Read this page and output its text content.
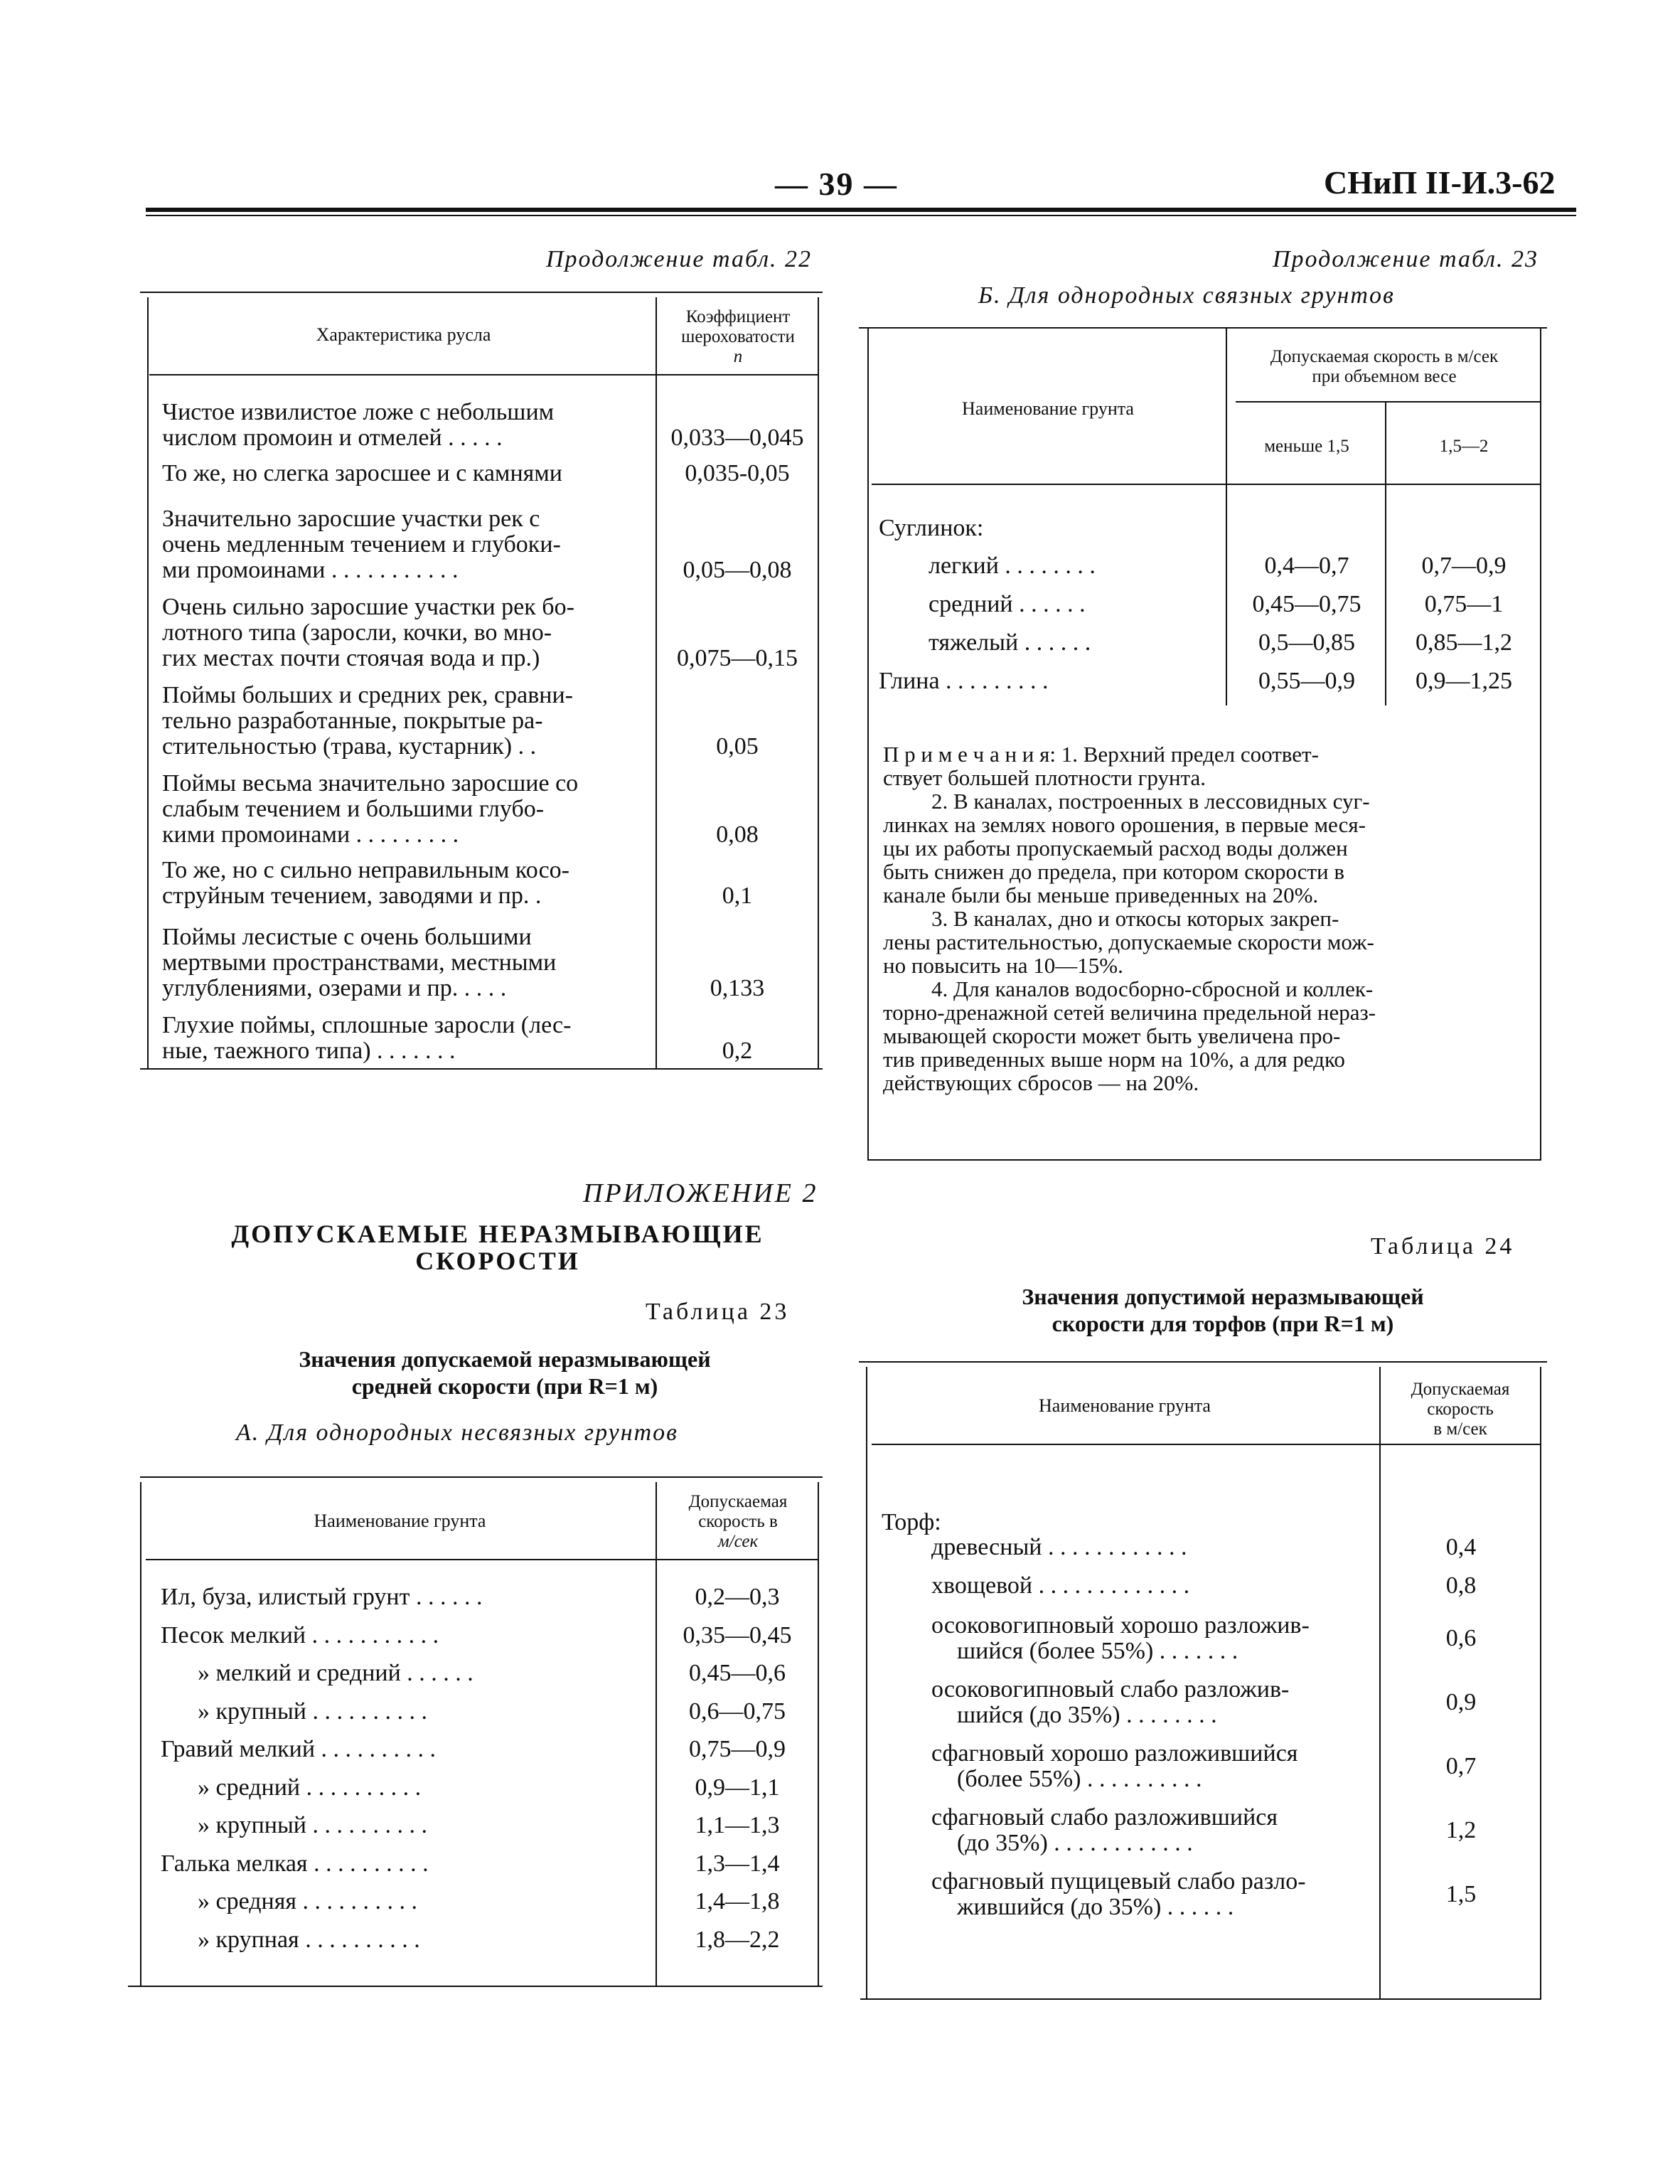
— 39 —	СНиП II-И.3-62
Продолжение табл. 22
Характеристика русла
Коэффициент
шероховатости
n
Чистое извилистое ложе с небольшим
числом промоин и отмелей . . . . .	0,033—0,045
То же, но слегка заросшее и с камнями	0,035-0,05
Значительно заросшие участки рек с
очень медленным течением и глубоки-
ми промоинами . . . . . . . . . . .	0,05—0,08
Очень сильно заросшие участки рек бо-
лотного типа (заросли, кочки, во мно-
гих местах почти стоячая вода и пр.)	0,075—0,15
Поймы больших и средних рек, сравни-
тельно разработанные, покрытые ра-
стительностью (трава, кустарник) . .	0,05
Поймы весьма значительно заросшие со
слабым течением и большими глубо-
кими промоинами . . . . . . . . .	0,08
То же, но с сильно неправильным косо-
струйным течением, заводями и пр. .	0,1
Поймы лесистые с очень большими
мертвыми пространствами, местными
углублениями, озерами и пр. . . . .	0,133
Глухие поймы, сплошные заросли (лес-
ные, таежного типа) . . . . . . .	0,2
Продолжение табл. 23
Б. Для однородных связных грунтов
Наименование грунта
Допускаемая скорость в м/сек
при объемном весе
меньше 1,5	1,5—2
Суглинок:
легкий . . . . . . . .	0,4—0,7	0,7—0,9
средний . . . . . .	0,45—0,75	0,75—1
тяжелый . . . . . .	0,5—0,85	0,85—1,2
Глина . . . . . . . . .	0,55—0,9	0,9—1,25
П р и м е ч а н и я: 1. Верхний предел соответ-
ствует большей плотности грунта.
2. В каналах, построенных в лессовидных суг-
линках на землях нового орошения, в первые меся-
цы их работы пропускаемый расход воды должен
быть снижен до предела, при котором скорости в
канале были бы меньше приведенных на 20%.
3. В каналах, дно и откосы которых закреп-
лены растительностью, допускаемые скорости мож-
но повысить на 10—15%.
4. Для каналов водосборно-сбросной и коллек-
торно-дренажной сетей величина предельной нераз-
мывающей скорости может быть увеличена про-
тив приведенных выше норм на 10%, а для редко
действующих сбросов — на 20%.
ПРИЛОЖЕНИЕ 2
ДОПУСКАЕМЫЕ НЕРАЗМЫВАЮЩИЕ
СКОРОСТИ
Таблица 23
Значения допускаемой неразмывающей
средней скорости (при R=1 м)
А. Для однородных несвязных грунтов
Наименование грунта
Допускаемая
скорость в
м/сек
Ил, буза, илистый грунт . . . . . .	0,2—0,3
Песок мелкий . . . . . . . . . . .	0,35—0,45
» мелкий и средний . . . . . .	0,45—0,6
» крупный . . . . . . . . . .	0,6—0,75
Гравий мелкий . . . . . . . . . .	0,75—0,9
» средний . . . . . . . . . .	0,9—1,1
» крупный . . . . . . . . . .	1,1—1,3
Галька мелкая . . . . . . . . . .	1,3—1,4
» средняя . . . . . . . . . .	1,4—1,8
» крупная . . . . . . . . . .	1,8—2,2
Таблица 24
Значения допустимой неразмывающей
скорости для торфов (при R=1 м)
Наименование грунта
Допускаемая
скорость
в м/сек
Торф:
древесный . . . . . . . . . . . .	0,4
хвощевой . . . . . . . . . . . . .	0,8
осоковогипновый хорошо разложив-
шийся (более 55%) . . . . . . .	0,6
осоковогипновый слабо разложив-
шийся (до 35%) . . . . . . . .	0,9
сфагновый хорошо разложившийся
(более 55%) . . . . . . . . . .	0,7
сфагновый слабо разложившийся
(до 35%) . . . . . . . . . . . .	1,2
сфагновый пущицевый слабо разло-
жившийся (до 35%) . . . . . .	1,5
